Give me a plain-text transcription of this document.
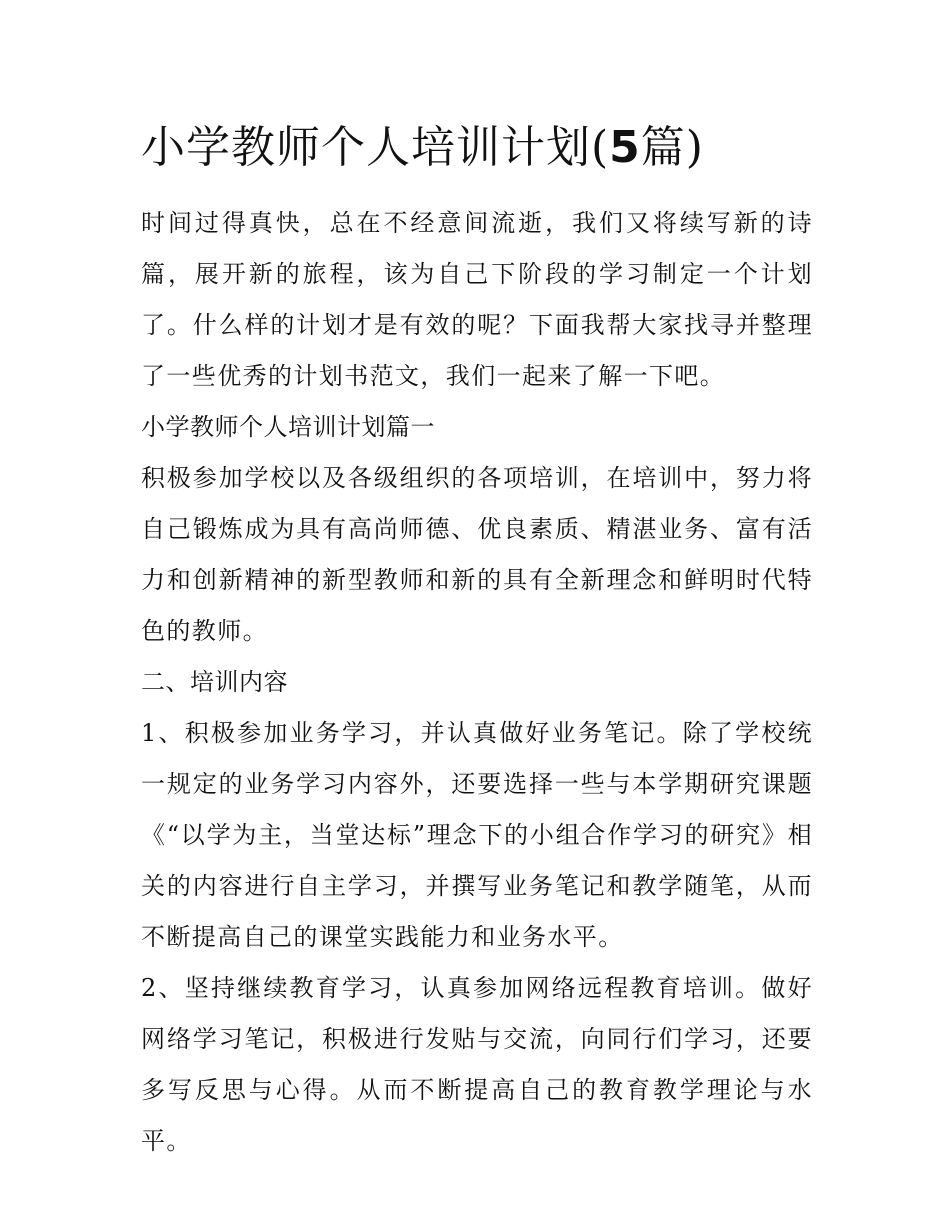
小学教师个人培训计划(5篇)

时间过得真快，总在不经意间流逝，我们又将续写新的诗篇，展开新的旅程，该为自己下阶段的学习制定一个计划了。什么样的计划才是有效的呢？下面我帮大家找寻并整理了一些优秀的计划书范文，我们一起来了解一下吧。

小学教师个人培训计划篇一

积极参加学校以及各级组织的各项培训，在培训中，努力将自己锻炼成为具有高尚师德、优良素质、精湛业务、富有活力和创新精神的新型教师和新的具有全新理念和鲜明时代特色的教师。

二、培训内容

1、积极参加业务学习，并认真做好业务笔记。除了学校统一规定的业务学习内容外，还要选择一些与本学期研究课题《“以学为主，当堂达标”理念下的小组合作学习的研究》相关的内容进行自主学习，并撰写业务笔记和教学随笔，从而不断提高自己的课堂实践能力和业务水平。

2、坚持继续教育学习，认真参加网络远程教育培训。做好网络学习笔记，积极进行发贴与交流，向同行们学习，还要多写反思与心得。从而不断提高自己的教育教学理论与水平。
